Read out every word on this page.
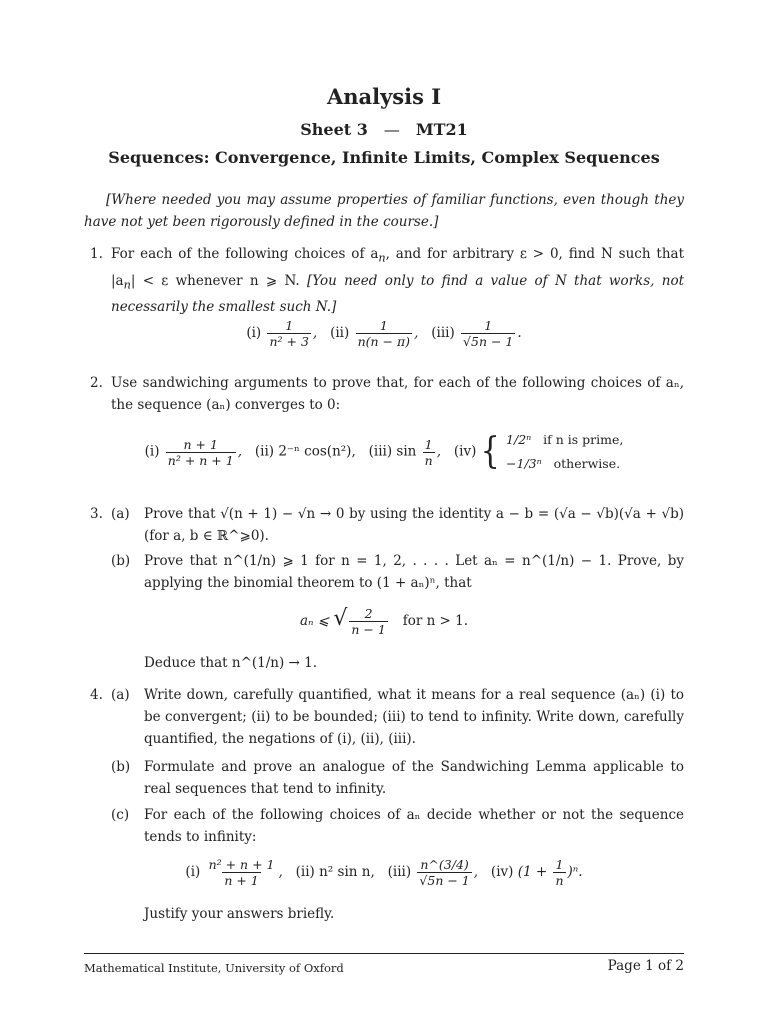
Analysis I
Sheet 3 — MT21
Sequences: Convergence, Infinite Limits, Complex Sequences
[Where needed you may assume properties of familiar functions, even though they have not yet been rigorously defined in the course.]
1. For each of the following choices of $a_n$, and for arbitrary ε > 0, find N such that $|a_n| < \varepsilon$ whenever n ⩾ N. [You need only to find a value of N that works, not necessarily the smallest such N.]
$(i) \frac{1}{\text{n² + 3}}$ ,   $(ii) \frac{1}{n(n - \pi)}$ ,   $(iii) \frac{1}{√5n - 1}$ .
2. Use sandwiching arguments to prove that, for each of the following choices of aₙ, the sequence (aₙ) converges to 0:
$(i) \frac{n + 1}{\text{n² + n + 1}}$ ,   (ii) 2⁻ⁿ cos(n²), (iii) $\sin \frac{1}{n}$ ,   (iv) { 1/2ⁿ if n is prime,
−1/3ⁿ otherwise.
3. (a) Prove that √(n + 1) − √n → 0 by using the identity a − b = (√a − √b)(√a + √b) (for a, b ∈ ℝ^⩾0).
(b) Prove that n^(1/n) ⩾ 1 for n = 1, 2, . . . . Let aₙ = n^(1/n) − 1. Prove, by applying the binomial theorem to (1 + aₙ)ⁿ, that
aₙ ⩽ √ $\frac{2}{n - 1}$ for n > 1.
Deduce that n^(1/n) → 1.
4. (a) Write down, carefully quantified, what it means for a real sequence (aₙ) (i) to be convergent; (ii) to be bounded; (iii) to tend to infinity. Write down, carefully quantified, the negations of (i), (ii), (iii).
(b) Formulate and prove an analogue of the Sandwiching Lemma applicable to real sequences that tend to infinity.
(c) For each of the following choices of aₙ decide whether or not the sequence tends to infinity:
$(i) \frac{\text{n² + n + 1}}{n + 1}$ ,   (ii) n² sin n, $(iii) \frac{n\^{}(3/4)}{√5n - 1}$ ,   (iv) $(1 + \frac{1}{n} )^n$.
Justify your answers briefly.
Mathematical Institute, University of Oxford	Page 1 of 2
